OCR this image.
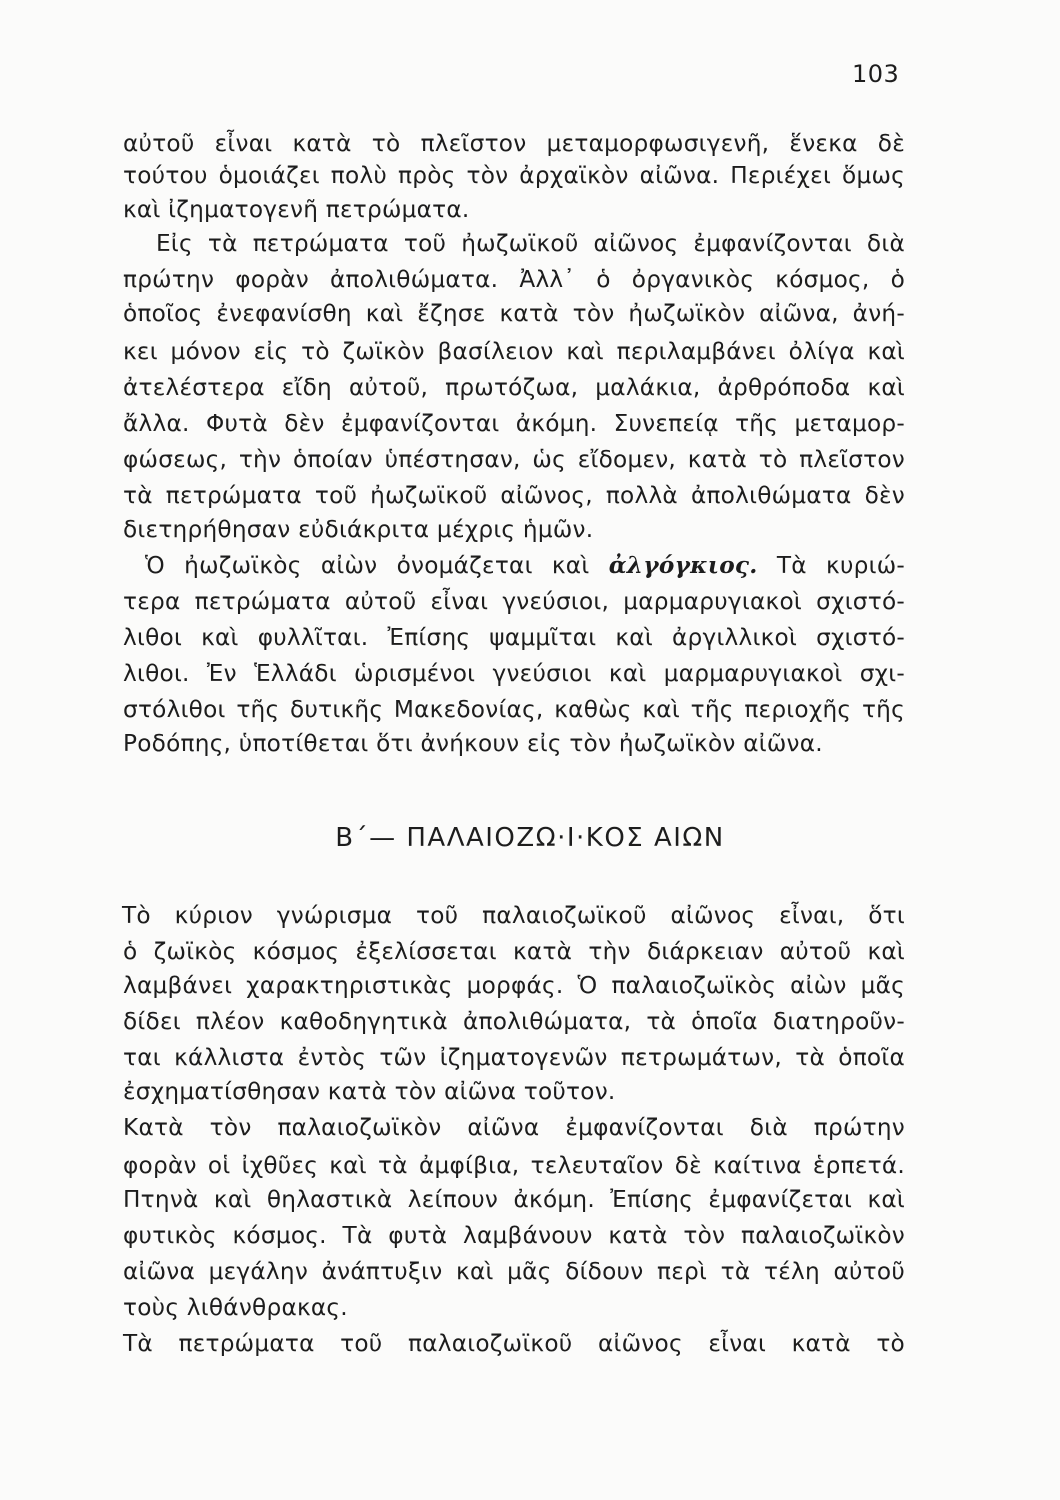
103
αὐτοῦ εἶναι κατὰ τὸ πλεῖστον μεταμορφωσιγενῆ, ἕνεκα δὲ
τούτου ὁμοιάζει πολὺ πρὸς τὸν ἀρχαϊκὸν αἰῶνα. Περιέχει ὅμως
καὶ ἰζηματογενῆ πετρώματα.
Εἰς τὰ πετρώματα τοῦ ἠωζωϊκοῦ αἰῶνος ἐμφανίζονται διὰ
πρώτην φορὰν ἀπολιθώματα. Ἀλλ᾽ ὁ ὀργανικὸς κόσμος, ὁ
ὁποῖος ἐνεφανίσθη καὶ ἔζησε κατὰ τὸν ἠωζωϊκὸν αἰῶνα, ἀνή-
κει μόνον εἰς τὸ ζωϊκὸν βασίλειον καὶ περιλαμβάνει ὀλίγα καὶ
ἀτελέστερα εἴδη αὐτοῦ, πρωτόζωα, μαλάκια, ἀρθρόποδα καὶ
ἄλλα. Φυτὰ δὲν ἐμφανίζονται ἀκόμη. Συνεπείᾳ τῆς μεταμορ-
φώσεως, τὴν ὁποίαν ὑπέστησαν, ὡς εἴδομεν, κατὰ τὸ πλεῖστον
τὰ πετρώματα τοῦ ἠωζωϊκοῦ αἰῶνος, πολλὰ ἀπολιθώματα δὲν
διετηρήθησαν εὐδιάκριτα μέχρις ἡμῶν.
Ὁ ἠωζωϊκὸς αἰὼν ὀνομάζεται καὶ ἀλγόγκιος. Τὰ κυριώ-
τερα πετρώματα αὐτοῦ εἶναι γνεύσιοι, μαρμαρυγιακοὶ σχιστό-
λιθοι καὶ φυλλῖται. Ἐπίσης ψαμμῖται καὶ ἀργιλλικοὶ σχιστό-
λιθοι. Ἐν Ἑλλάδι ὡρισμένοι γνεύσιοι καὶ μαρμαρυγιακοὶ σχι-
στόλιθοι τῆς δυτικῆς Μακεδονίας, καθὼς καὶ τῆς περιοχῆς τῆς
Ροδόπης, ὑποτίθεται ὅτι ἀνήκουν εἰς τὸν ἠωζωϊκὸν αἰῶνα.
Β΄— ΠΑΛΑΙΟΖΩ·Ι·ΚΟΣ ΑΙΩΝ
Τὸ κύριον γνώρισμα τοῦ παλαιοζωϊκοῦ αἰῶνος εἶναι, ὅτι
ὁ ζωϊκὸς κόσμος ἐξελίσσεται κατὰ τὴν διάρκειαν αὐτοῦ καὶ
λαμβάνει χαρακτηριστικὰς μορφάς. Ὁ παλαιοζωϊκὸς αἰὼν μᾶς
δίδει πλέον καθοδηγητικὰ ἀπολιθώματα, τὰ ὁποῖα διατηροῦν-
ται κάλλιστα ἐντὸς τῶν ἰζηματογενῶν πετρωμάτων, τὰ ὁποῖα
ἐσχηματίσθησαν κατὰ τὸν αἰῶνα τοῦτον.
Κατὰ τὸν παλαιοζωϊκὸν αἰῶνα ἐμφανίζονται διὰ πρώτην
φορὰν οἱ ἰχθῦες καὶ τὰ ἀμφίβια, τελευταῖον δὲ καίτινα ἑρπετά.
Πτηνὰ καὶ θηλαστικὰ λείπουν ἀκόμη. Ἐπίσης ἐμφανίζεται καὶ
φυτικὸς κόσμος. Τὰ φυτὰ λαμβάνουν κατὰ τὸν παλαιοζωϊκὸν
αἰῶνα μεγάλην ἀνάπτυξιν καὶ μᾶς δίδουν περὶ τὰ τέλη αὐτοῦ
τοὺς λιθάνθρακας.
Τὰ πετρώματα τοῦ παλαιοζωϊκοῦ αἰῶνος εἶναι κατὰ τὸ
